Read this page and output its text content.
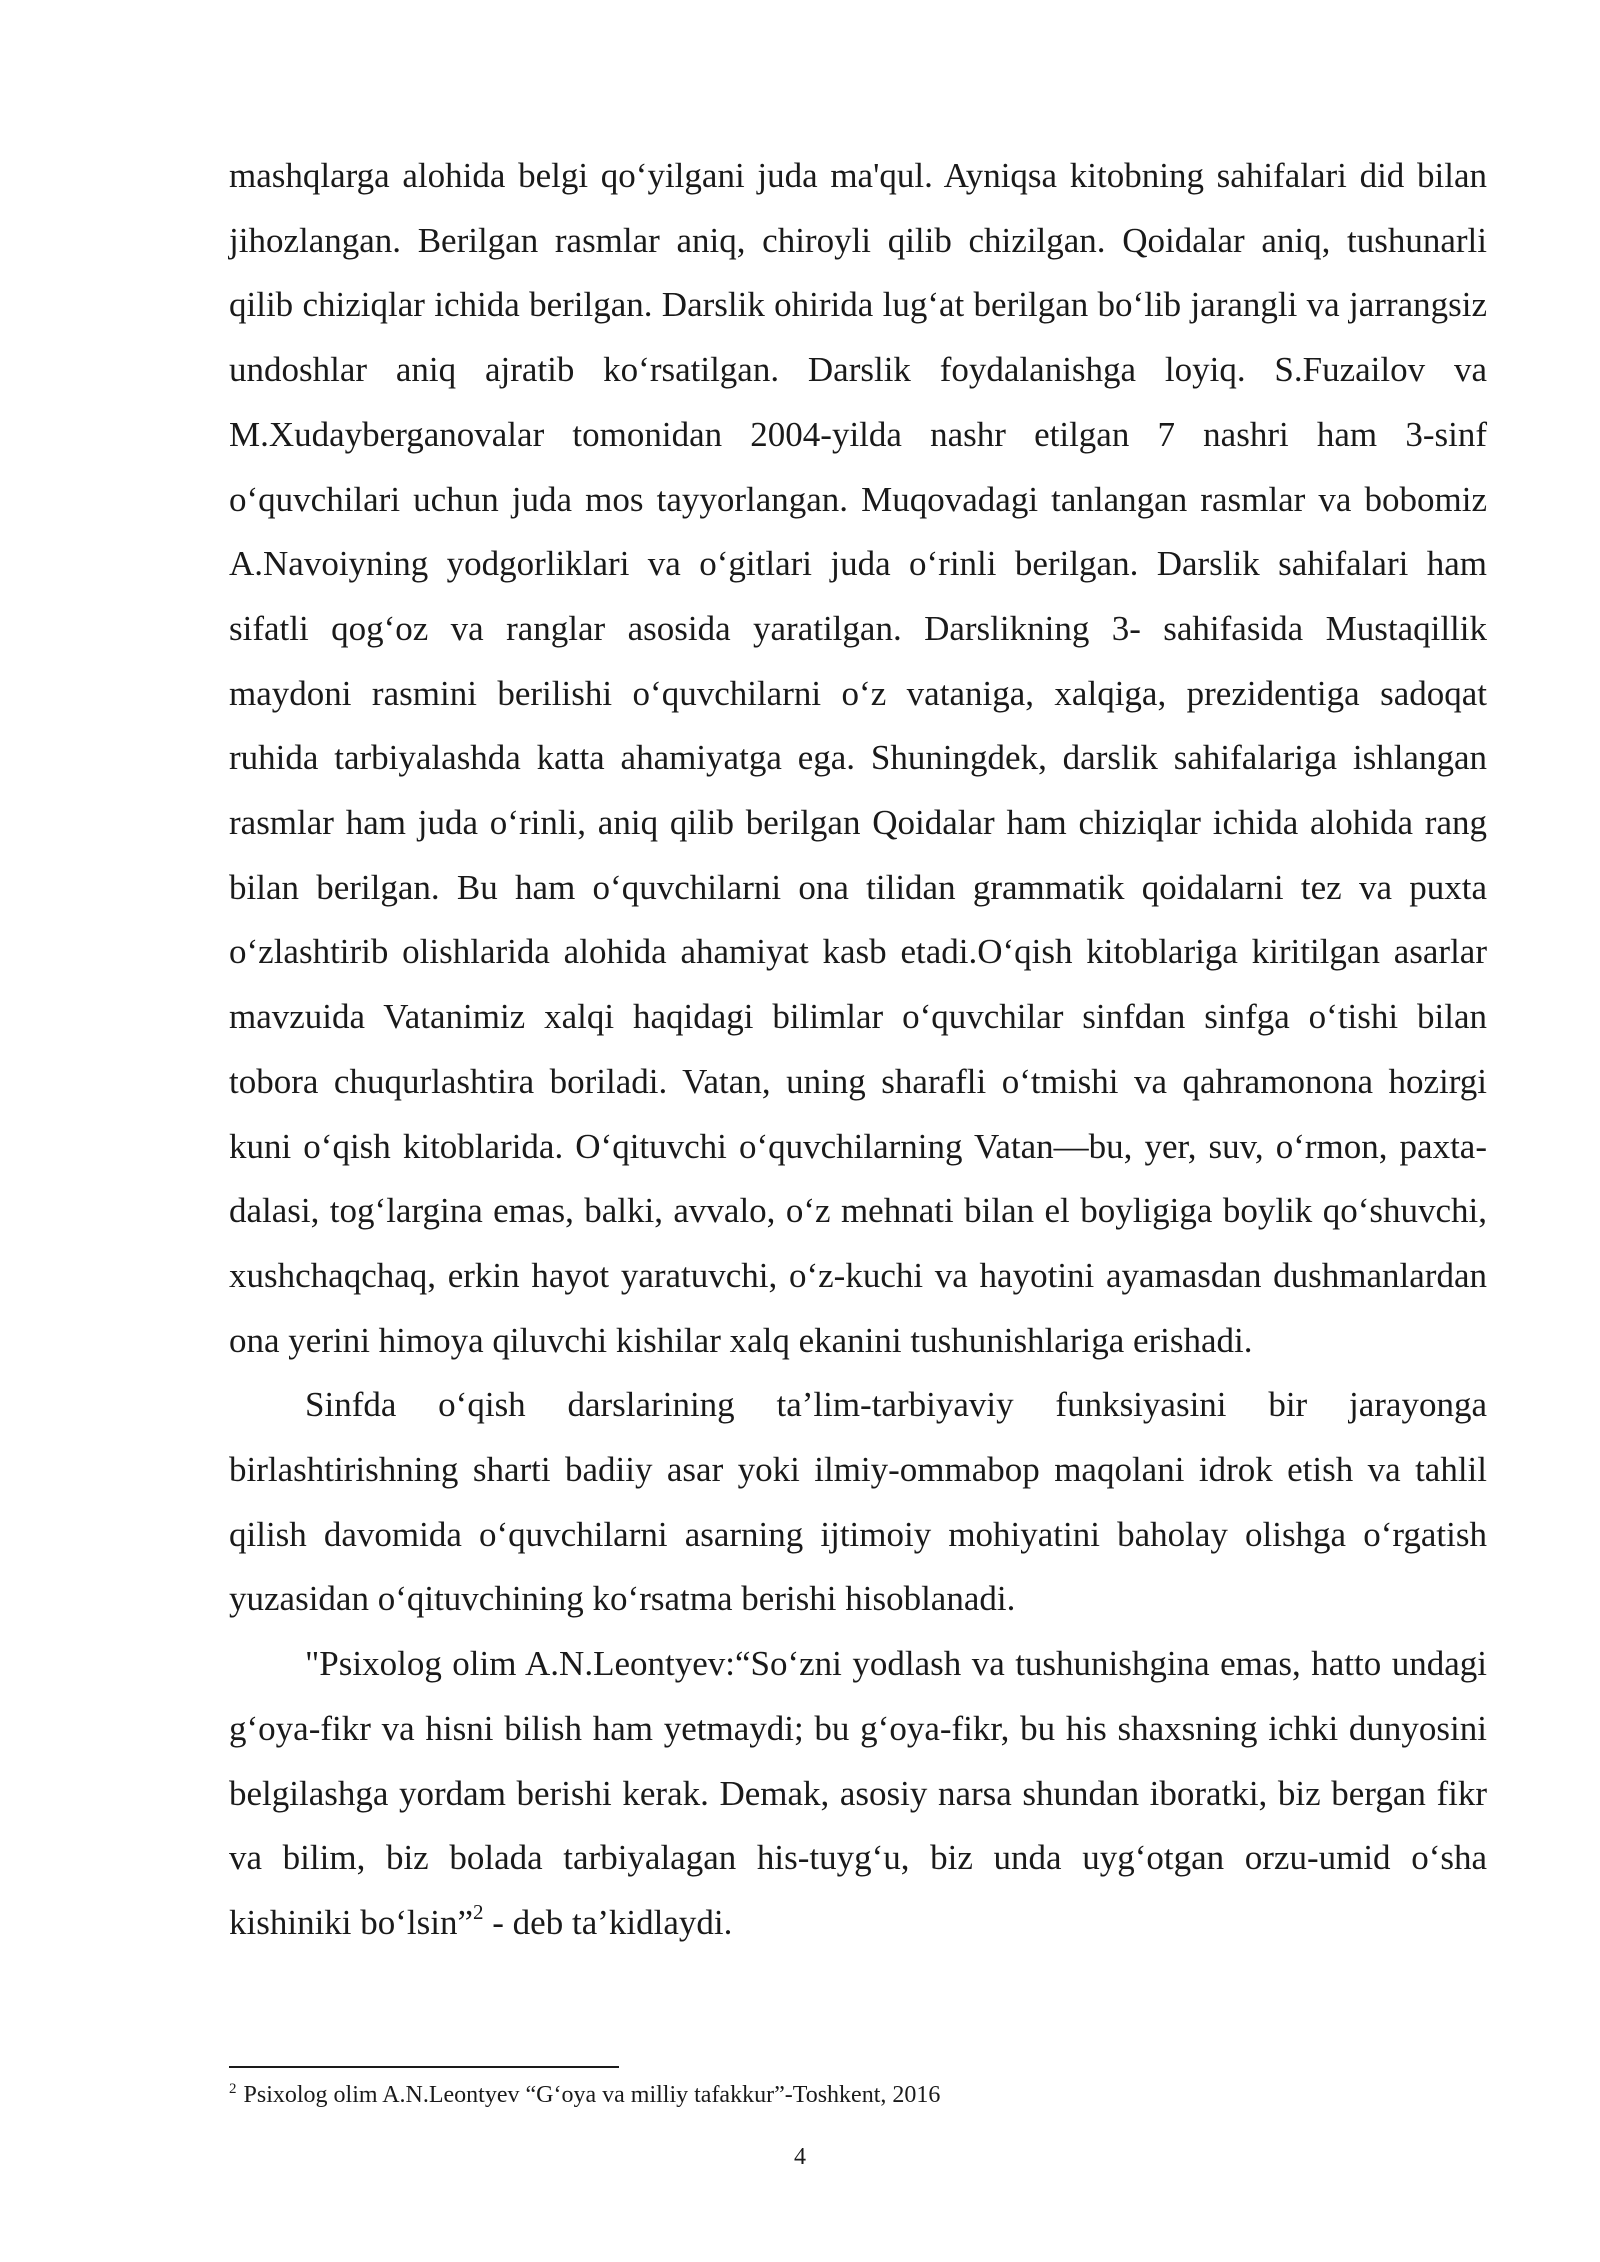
mashqlarga alohida belgi qo‘yilgani juda ma'qul. Ayniqsa kitobning sahifalari did bilan jihozlangan. Berilgan rasmlar aniq, chiroyli qilib chizilgan. Qoidalar aniq, tushunarli qilib chiziqlar ichida berilgan. Darslik ohirida lug‘at berilgan bo‘lib jarangli va jarrangsiz undoshlar aniq ajratib ko‘rsatilgan. Darslik foydalanishga loyiq. S.Fuzailov va M.Xudayberganovalar tomonidan 2004-yilda nashr etilgan 7 nashri ham 3-sinf o‘quvchilari uchun juda mos tayyorlangan. Muqovadagi tanlangan rasmlar va bobomiz A.Navoiyning yodgorliklari va o‘gitlari juda o‘rinli berilgan. Darslik sahifalari ham sifatli qog‘oz va ranglar asosida yaratilgan. Darslikning 3- sahifasida Mustaqillik maydoni rasmini berilishi o‘quvchilarni o‘z vataniga, xalqiga, prezidentiga sadoqat ruhida tarbiyalashda katta ahamiyatga ega. Shuningdek, darslik sahifalariga ishlangan rasmlar ham juda o‘rinli, aniq qilib berilgan Qoidalar ham chiziqlar ichida alohida rang bilan berilgan. Bu ham o‘quvchilarni ona tilidan grammatik qoidalarni tez va puxta o‘zlashtirib olishlarida alohida ahamiyat kasb etadi.O‘qish kitoblariga kiritilgan asarlar mavzuida Vatanimiz xalqi haqidagi bilimlar o‘quvchilar sinfdan sinfga o‘tishi bilan tobora chuqurlashtira boriladi. Vatan, uning sharafli o‘tmishi va qahramonona hozirgi kuni o‘qish kitoblarida. O‘qituvchi o‘quvchilarning Vatan—bu, yer, suv, o‘rmon, paxta-dalasi, tog‘largina emas, balki, avvalo, o‘z mehnati bilan el boyligiga boylik qo‘shuvchi, xushchaqchaq, erkin hayot yaratuvchi, o‘z-kuchi va hayotini ayamasdan dushmanlardan ona yerini himoya qiluvchi kishilar xalq ekanini tushunishlariga erishadi.

Sinfda o‘qish darslarining ta’lim-tarbiyaviy funksiyasini bir jarayonga birlashtirishning sharti badiiy asar yoki ilmiy-ommabop maqolani idrok etish va tahlil qilish davomida o‘quvchilarni asarning ijtimoiy mohiyatini baholay olishga o‘rgatish yuzasidan o‘qituvchining ko‘rsatma berishi hisoblanadi.

"Psixolog olim A.N.Leontyev:“So‘zni yodlash va tushunishgina emas, hatto undagi g‘oya-fikr va hisni bilish ham yetmaydi; bu g‘oya-fikr, bu his shaxsning ichki dunyosini belgilashga yordam berishi kerak. Demak, asosiy narsa shundan iboratki, biz bergan fikr va bilim, biz bolada tarbiyalagan his-tuyg‘u, biz unda uyg‘otgan orzu-umid o‘sha kishiniki bo‘lsin”$^2$ - deb ta’kidlaydi.

$^2$ Psixolog olim A.N.Leontyev “G‘oya va milliy tafakkur”-Toshkent, 2016
4
